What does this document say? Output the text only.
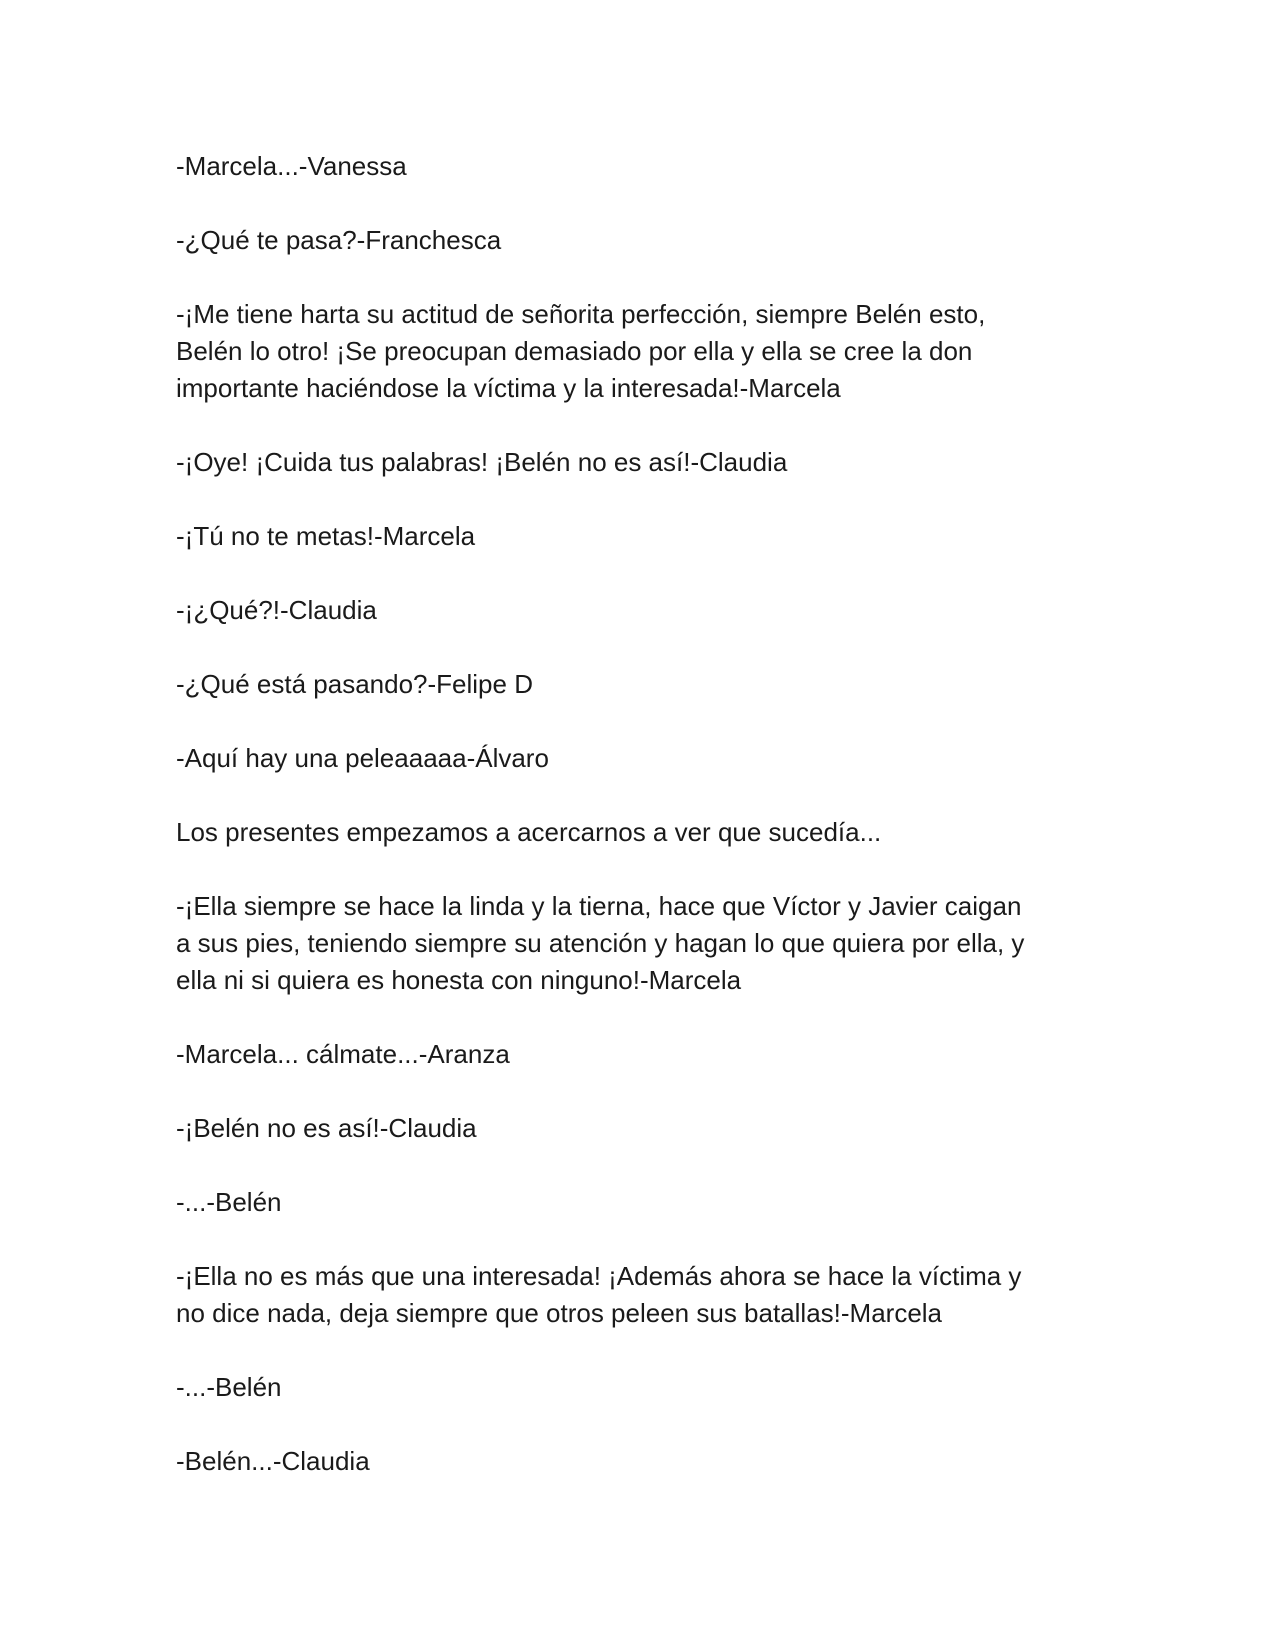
-Marcela...-Vanessa

-¿Qué te pasa?-Franchesca

-¡Me tiene harta su actitud de señorita perfección, siempre Belén esto,
Belén lo otro! ¡Se preocupan demasiado por ella y ella se cree la don
importante haciéndose la víctima y la interesada!-Marcela

-¡Oye! ¡Cuida tus palabras! ¡Belén no es así!-Claudia

-¡Tú no te metas!-Marcela

-¡¿Qué?!-Claudia

-¿Qué está pasando?-Felipe D

-Aquí hay una peleaaaaa-Álvaro

Los presentes empezamos a acercarnos a ver que sucedía...

-¡Ella siempre se hace la linda y la tierna, hace que Víctor y Javier caigan
a sus pies, teniendo siempre su atención y hagan lo que quiera por ella, y
ella ni si quiera es honesta con ninguno!-Marcela

-Marcela... cálmate...-Aranza

-¡Belén no es así!-Claudia

-...-Belén

-¡Ella no es más que una interesada! ¡Además ahora se hace la víctima y
no dice nada, deja siempre que otros peleen sus batallas!-Marcela

-...-Belén

-Belén...-Claudia
